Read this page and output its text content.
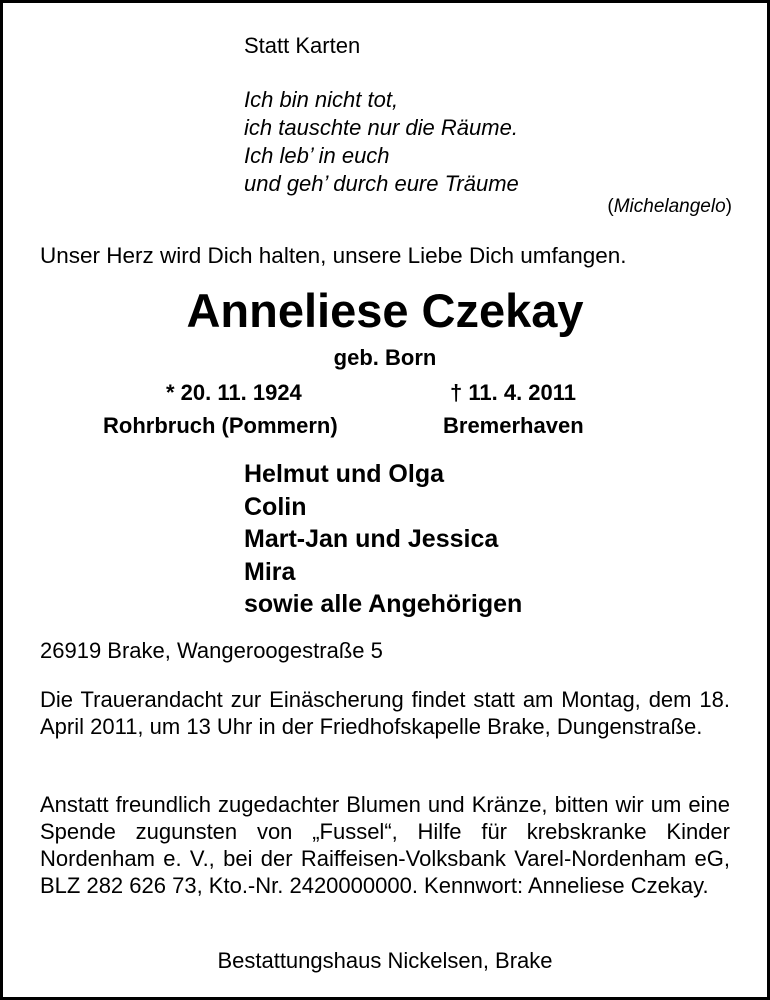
Statt Karten
Ich bin nicht tot,
ich tauschte nur die Räume.
Ich leb’ in euch
und geh’ durch eure Träume
(Michelangelo)
Unser Herz wird Dich halten, unsere Liebe Dich umfangen.
Anneliese Czekay
geb. Born
* 20. 11. 1924	† 11. 4. 2011
Rohrbruch (Pommern)	Bremerhaven
Helmut und Olga
Colin
Mart-Jan und Jessica
Mira
sowie alle Angehörigen
26919 Brake, Wangeroogestraße 5
Die Trauerandacht zur Einäscherung findet statt am Montag, dem 18. April 2011, um 13 Uhr in der Friedhofskapelle Brake, Dungenstraße.
Anstatt freundlich zugedachter Blumen und Kränze, bitten wir um eine Spende zugunsten von „Fussel“, Hilfe für krebskranke Kinder Nordenham e. V., bei der Raiffeisen-Volksbank Varel-Nordenham eG, BLZ 282 626 73, Kto.-Nr. 2420000000. Kennwort: Anneliese Czekay.
Bestattungshaus Nickelsen, Brake
